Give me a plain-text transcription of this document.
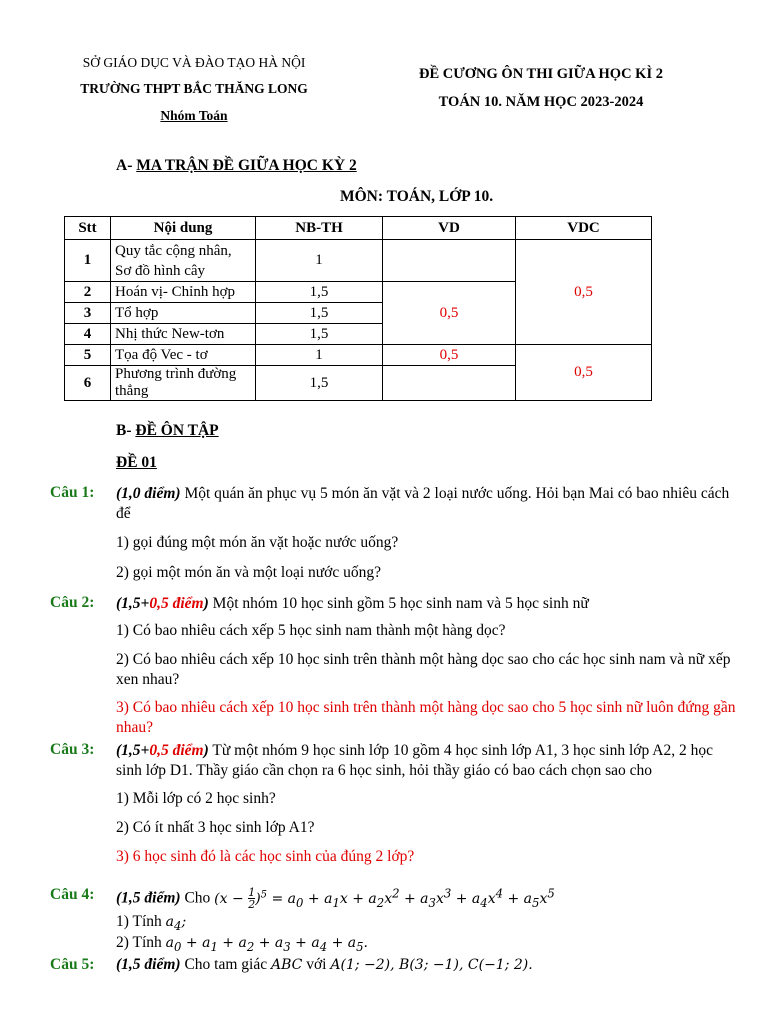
SỞ GIÁO DỤC VÀ ĐÀO TẠO HÀ NỘI
TRƯỜNG THPT BẮC THĂNG LONG
Nhóm Toán
ĐỀ CƯƠNG ÔN THI GIỮA HỌC KÌ 2
TOÁN 10. NĂM HỌC 2023-2024
A- MA TRẬN ĐỀ GIỮA HỌC KỲ 2
MÔN: TOÁN, LỚP 10.
Stt	Nội dung	NB-TH	VD	VDC
1	Quy tắc cộng nhân, Sơ đồ hình cây	1		0,5
2	Hoán vị- Chỉnh hợp	1,5	0,5	
3	Tổ hợp	1,5		
4	Nhị thức New-tơn	1,5		
5	Tọa độ Vec - tơ	1	0,5	0,5
6	Phương trình đường thẳng	1,5		
B- ĐỀ ÔN TẬP
ĐỀ 01
Câu 1: (1,0 điểm) Một quán ăn phục vụ 5 món ăn vặt và 2 loại nước uống. Hỏi bạn Mai có bao nhiêu cách để
1) gọi đúng một món ăn vặt hoặc nước uống?
2) gọi một món ăn và một loại nước uống?
Câu 2: (1,5+0,5 điểm) Một nhóm 10 học sinh gồm 5 học sinh nam và 5 học sinh nữ
1) Có bao nhiêu cách xếp 5 học sinh nam thành một hàng dọc?
2) Có bao nhiêu cách xếp 10 học sinh trên thành một hàng dọc sao cho các học sinh nam và nữ xếp xen nhau?
3) Có bao nhiêu cách xếp 10 học sinh trên thành một hàng dọc sao cho 5 học sinh nữ luôn đứng gần nhau?
Câu 3: (1,5+0,5 điểm) Từ một nhóm 9 học sinh lớp 10 gồm 4 học sinh lớp A1, 3 học sinh lớp A2, 2 học sinh lớp D1. Thầy giáo cần chọn ra 6 học sinh, hỏi thầy giáo có bao cách chọn sao cho
1) Mỗi lớp có 2 học sinh?
2) Có ít nhất 3 học sinh lớp A1?
3) 6 học sinh đó là các học sinh của đúng 2 lớp?
Câu 4: (1,5 điểm) Cho $(x - \frac{1}{2} )^5 = a_0 + a_1x + a_2x^2 + a_3x^3 + a_4x^4 + a_5x^5$
1) Tính $a_4$;
2) Tính $a_0 + a_1 + a_2 + a_3 + a_4 + a_5$.
Câu 5: (1,5 điểm) Cho tam giác ABC với A(1; −2), B(3; −1), C(−1; 2).
